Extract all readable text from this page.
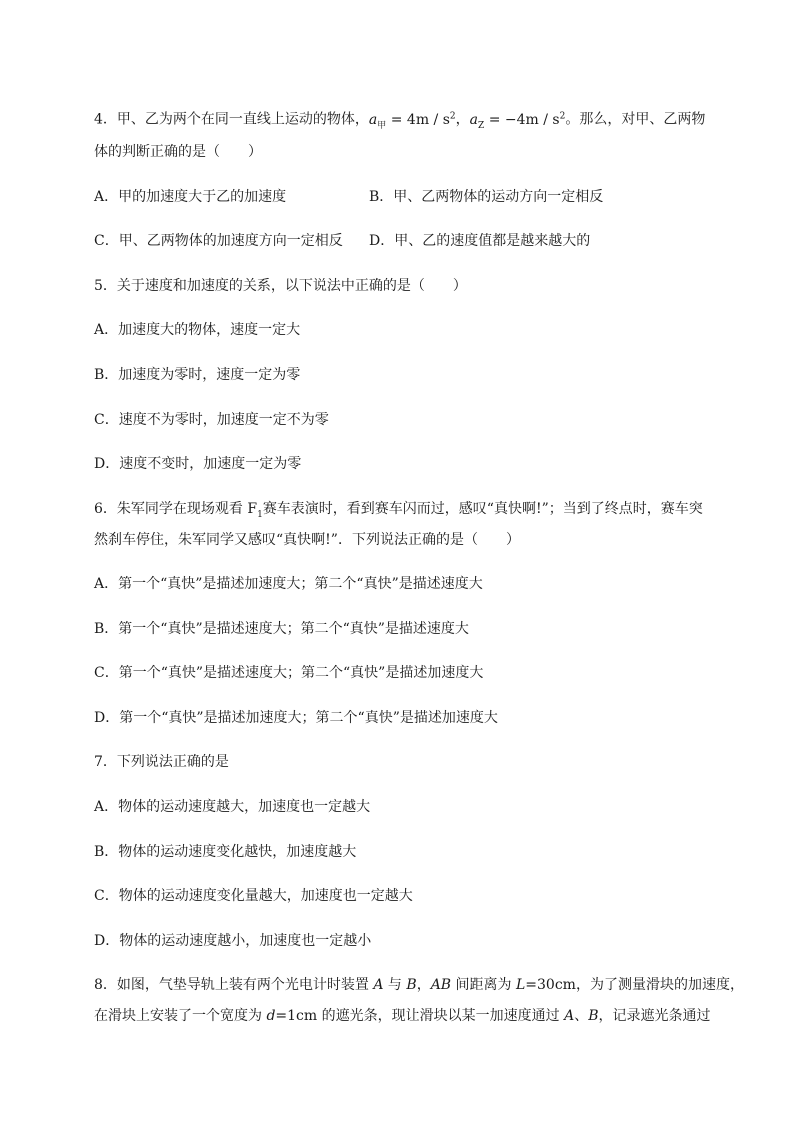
4．甲、乙为两个在同一直线上运动的物体，$a_甲 = 4m / s^2$，$a_Z = -4m / s^2$。那么，对甲、乙两物
体的判断正确的是（　　）
A．甲的加速度大于乙的加速度	B．甲、乙两物体的运动方向一定相反
C．甲、乙两物体的加速度方向一定相反 D．甲、乙的速度值都是越来越大的
5．关于速度和加速度的关系，以下说法中正确的是（　　）
A．加速度大的物体，速度一定大
B．加速度为零时，速度一定为零
C．速度不为零时，加速度一定不为零
D．速度不变时，加速度一定为零
6．朱军同学在现场观看 $F_1$赛车表演时，看到赛车闪而过，感叹“真快啊!”；当到了终点时，赛车突
然刹车停住，朱军同学又感叹“真快啊!”．下列说法正确的是（　　）
A．第一个“真快”是描述加速度大；第二个“真快”是描述速度大
B．第一个“真快”是描述速度大；第二个“真快”是描述速度大
C．第一个“真快”是描述速度大；第二个“真快”是描述加速度大
D．第一个“真快”是描述加速度大；第二个“真快”是描述加速度大
7．下列说法正确的是
A．物体的运动速度越大，加速度也一定越大
B．物体的运动速度变化越快，加速度越大
C．物体的运动速度变化量越大，加速度也一定越大
D．物体的运动速度越小，加速度也一定越小
8．如图，气垫导轨上装有两个光电计时装置 A 与 B，AB 间距离为 L=30cm，为了测量滑块的加速度，
在滑块上安装了一个宽度为 d=1cm 的遮光条，现让滑块以某一加速度通过 A、B，记录遮光条通过
